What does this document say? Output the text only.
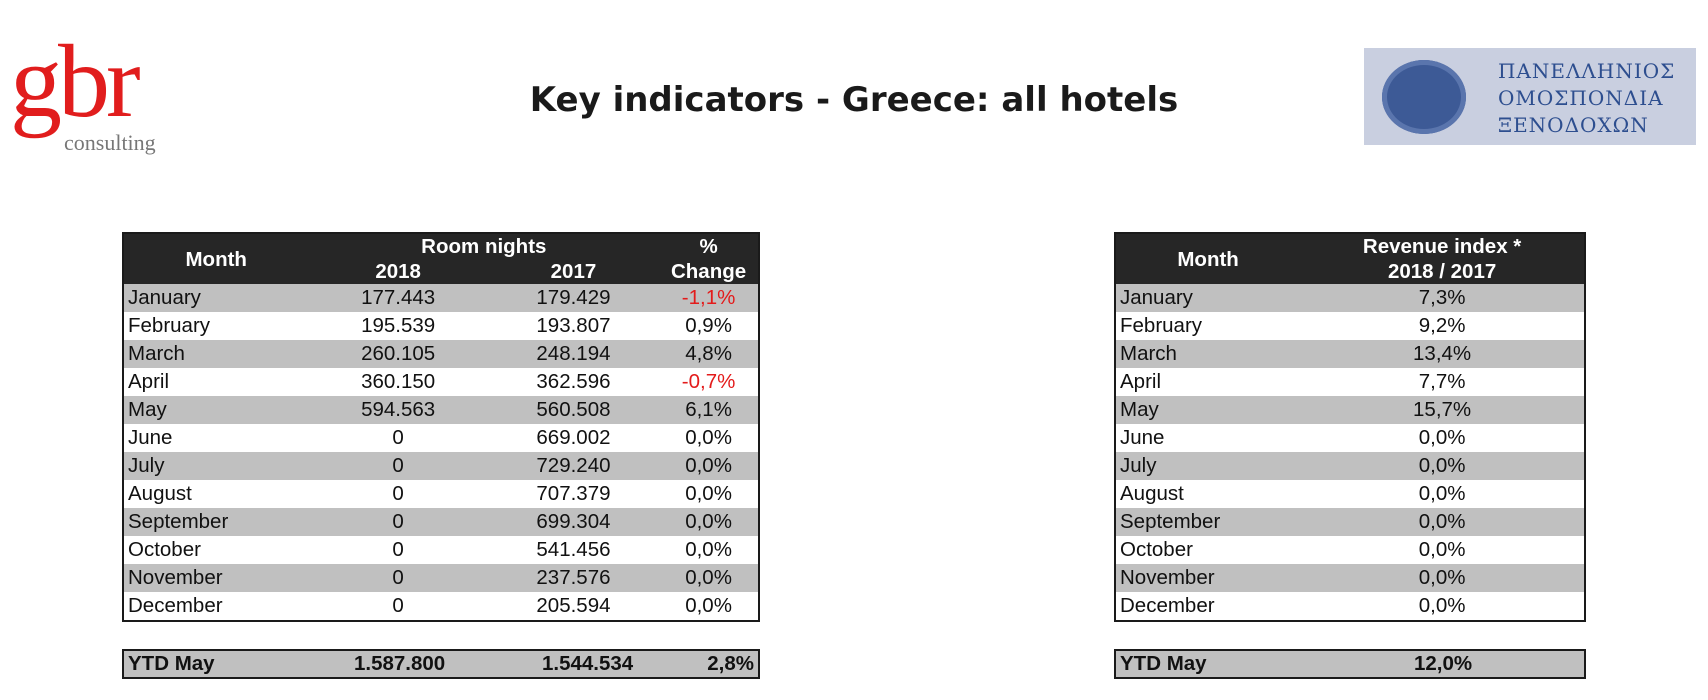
gbr
consulting
Key indicators - Greece: all hotels
ΠΑΝΕΛΛΗΝΙΟΣ
ΟΜΟΣΠΟΝΔΙΑ
ΞΕΝΟΔΟΧΩΝ
Month	Room nights		%
	2018	2017	Change
January	177.443	179.429	-1,1%
February	195.539	193.807	0,9%
March	260.105	248.194	4,8%
April	360.150	362.596	-0,7%
May	594.563	560.508	6,1%
June	0	669.002	0,0%
July	0	729.240	0,0%
August	0	707.379	0,0%
September	0	699.304	0,0%
October	0	541.456	0,0%
November	0	237.576	0,0%
December	0	205.594	0,0%
YTD May	1.587.800	1.544.534	2,8%
Month	Revenue index *
	2018 / 2017
January	7,3%
February	9,2%
March	13,4%
April	7,7%
May	15,7%
June	0,0%
July	0,0%
August	0,0%
September	0,0%
October	0,0%
November	0,0%
December	0,0%
YTD May	12,0%
